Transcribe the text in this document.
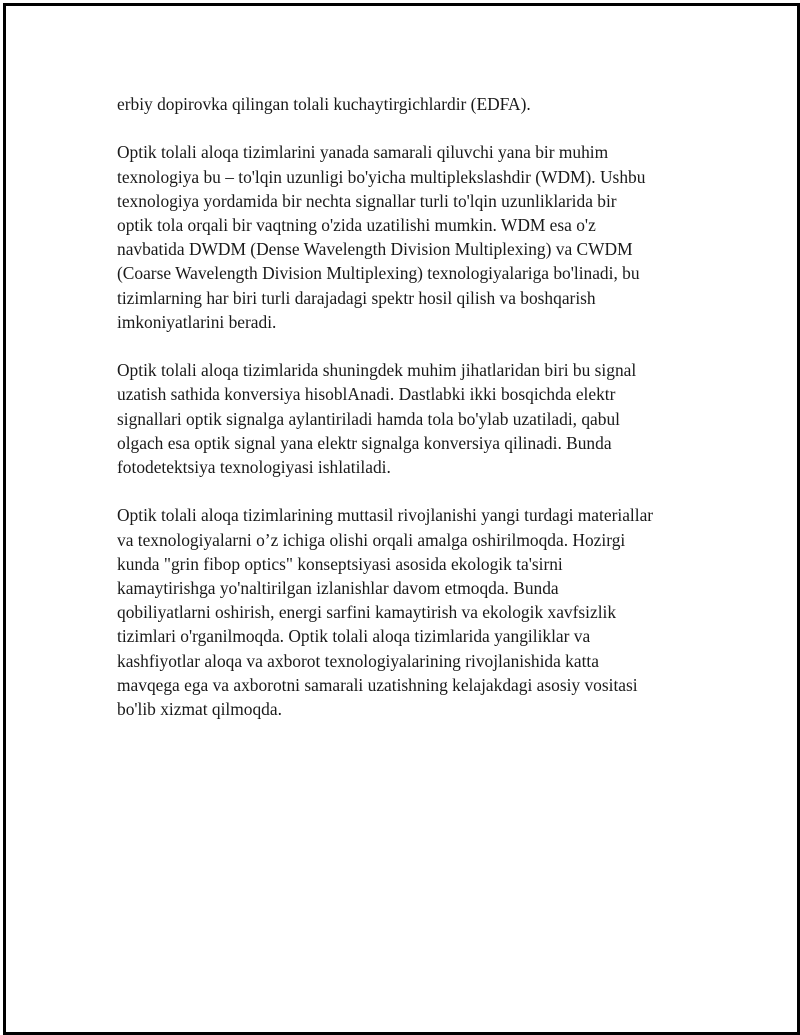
erbiy dopirovka qilingan tolali kuchaytirgichlardir (EDFA).

Optik tolali aloqa tizimlarini yanada samarali qiluvchi yana bir muhim
texnologiya bu – to'lqin uzunligi bo'yicha multiplekslashdir (WDM). Ushbu
texnologiya yordamida bir nechta signallar turli to'lqin uzunliklarida bir
optik tola orqali bir vaqtning o'zida uzatilishi mumkin. WDM esa o'z
navbatida DWDM (Dense Wavelength Division Multiplexing) va CWDM
(Coarse Wavelength Division Multiplexing) texnologiyalariga bo'linadi, bu
tizimlarning har biri turli darajadagi spektr hosil qilish va boshqarish
imkoniyatlarini beradi.

Optik tolali aloqa tizimlarida shuningdek muhim jihatlaridan biri bu signal
uzatish sathida konversiya hisoblAnadi. Dastlabki ikki bosqichda elektr
signallari optik signalga aylantiriladi hamda tola bo'ylab uzatiladi, qabul
olgach esa optik signal yana elektr signalga konversiya qilinadi. Bunda
fotodetektsiya texnologiyasi ishlatiladi.

Optik tolali aloqa tizimlarining muttasil rivojlanishi yangi turdagi materiallar
va texnologiyalarni o’z ichiga olishi orqali amalga oshirilmoqda. Hozirgi
kunda "grin fibop optics" konseptsiyasi asosida ekologik ta'sirni
kamaytirishga yo'naltirilgan izlanishlar davom etmoqda. Bunda
qobiliyatlarni oshirish, energi sarfini kamaytirish va ekologik xavfsizlik
tizimlari o'rganilmoqda. Optik tolali aloqa tizimlarida yangiliklar va
kashfiyotlar aloqa va axborot texnologiyalarining rivojlanishida katta
mavqega ega va axborotni samarali uzatishning kelajakdagi asosiy vositasi
bo'lib xizmat qilmoqda.
